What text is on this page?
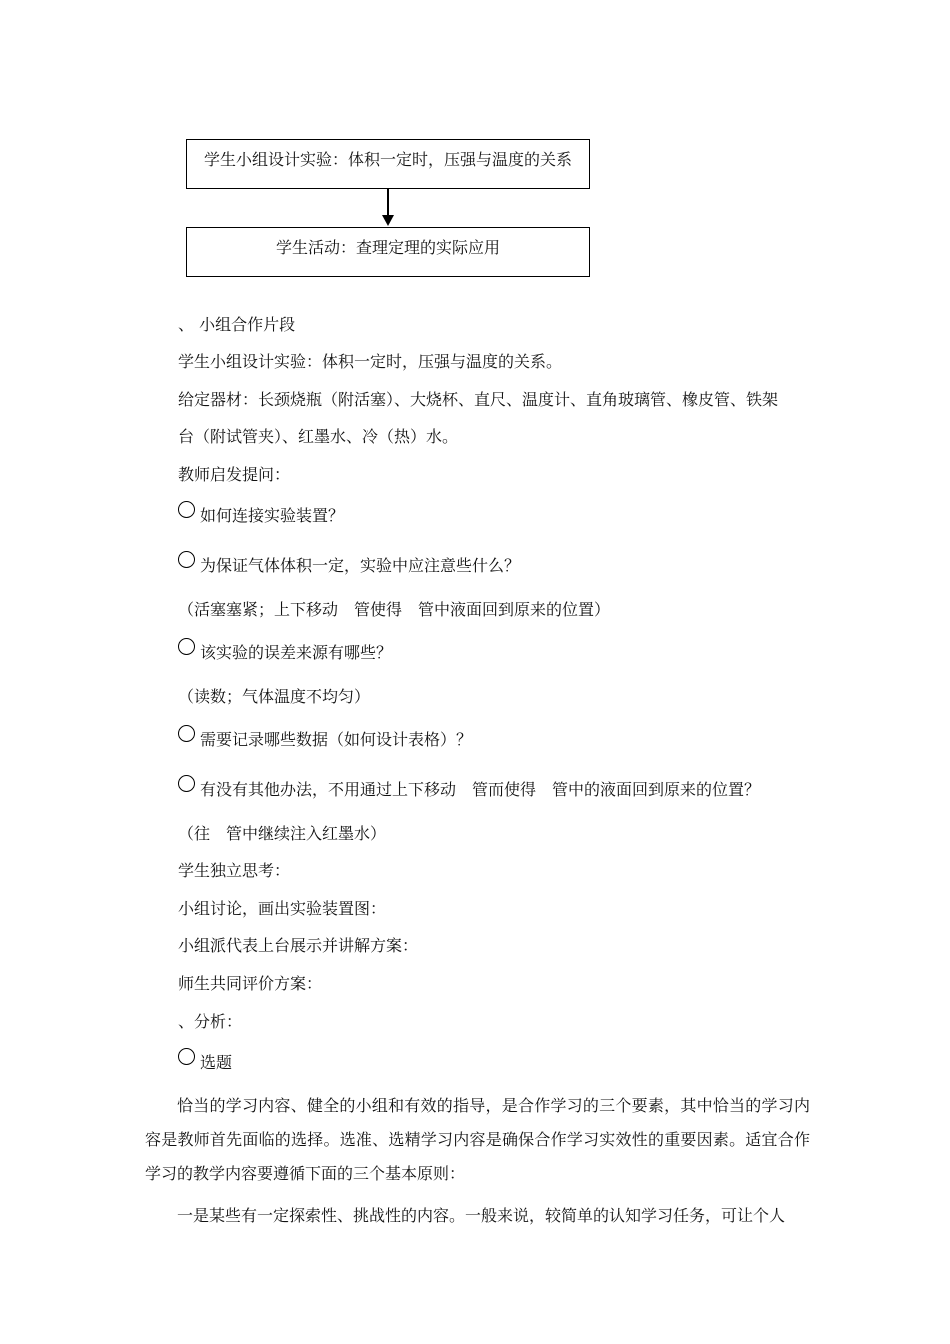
学生小组设计实验：体积一定时，压强与温度的关系
学生活动：查理定理的实际应用
、 小组合作片段
学生小组设计实验：体积一定时，压强与温度的关系。
给定器材：长颈烧瓶（附活塞）、大烧杯、直尺、温度计、直角玻璃管、橡皮管、铁架
台（附试管夹）、红墨水、冷（热）水。
教师启发提问：
如何连接实验装置？
为保证气体体积一定，实验中应注意些什么？
（活塞塞紧；上下移动　管使得　管中液面回到原来的位置）
该实验的误差来源有哪些？
（读数；气体温度不均匀）
需要记录哪些数据（如何设计表格）？
有没有其他办法，不用通过上下移动　管而使得　管中的液面回到原来的位置？
（往　管中继续注入红墨水）
学生独立思考：
小组讨论，画出实验装置图：
小组派代表上台展示并讲解方案：
师生共同评价方案：
、分析：
选题
恰当的学习内容、健全的小组和有效的指导，是合作学习的三个要素，其中恰当的学习内容是教师首先面临的选择。选准、选精学习内容是确保合作学习实效性的重要因素。适宜合作学习的教学内容要遵循下面的三个基本原则：
一是某些有一定探索性、挑战性的内容。一般来说，较简单的认知学习任务，可让个人
